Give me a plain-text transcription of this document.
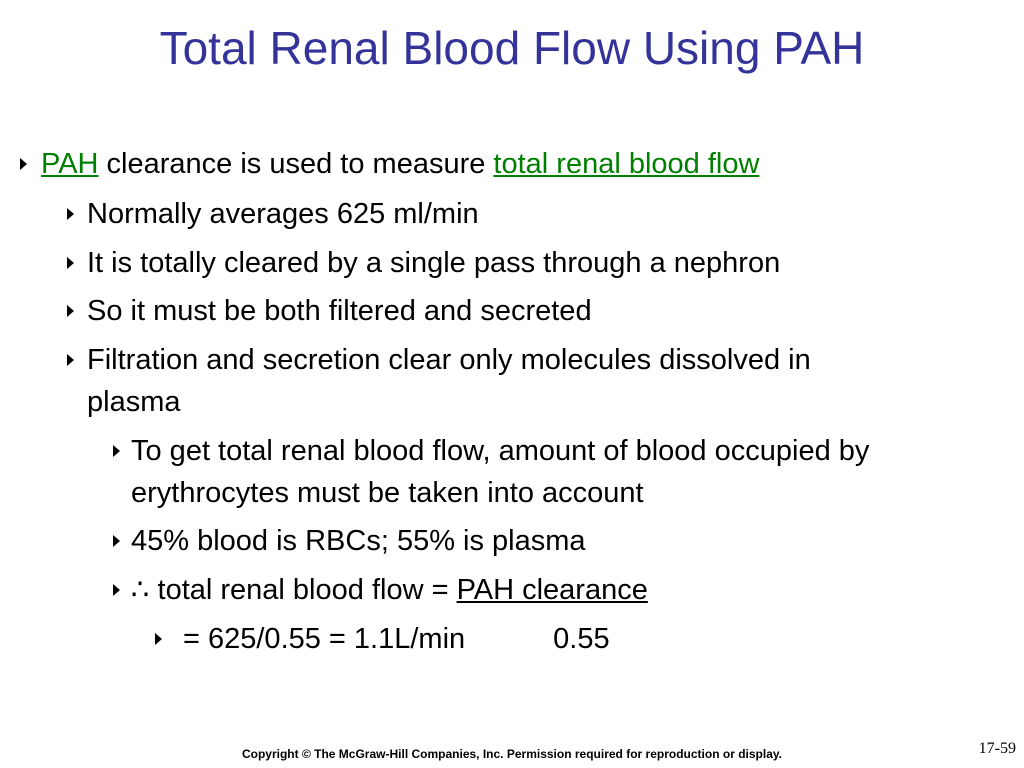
Total Renal Blood Flow Using PAH
PAH clearance is used to measure total renal blood flow
Normally averages 625 ml/min
It is totally cleared by a single pass through a nephron
So it must be both filtered and secreted
Filtration and secretion clear only molecules dissolved in
plasma
To get total renal blood flow, amount of blood occupied by
erythrocytes must be taken into account
45% blood is RBCs; 55% is plasma
∴ total renal blood flow = PAH clearance
= 625/0.55 = 1.1L/min	0.55
Copyright © The McGraw-Hill Companies, Inc. Permission required for reproduction or display.	17-59
